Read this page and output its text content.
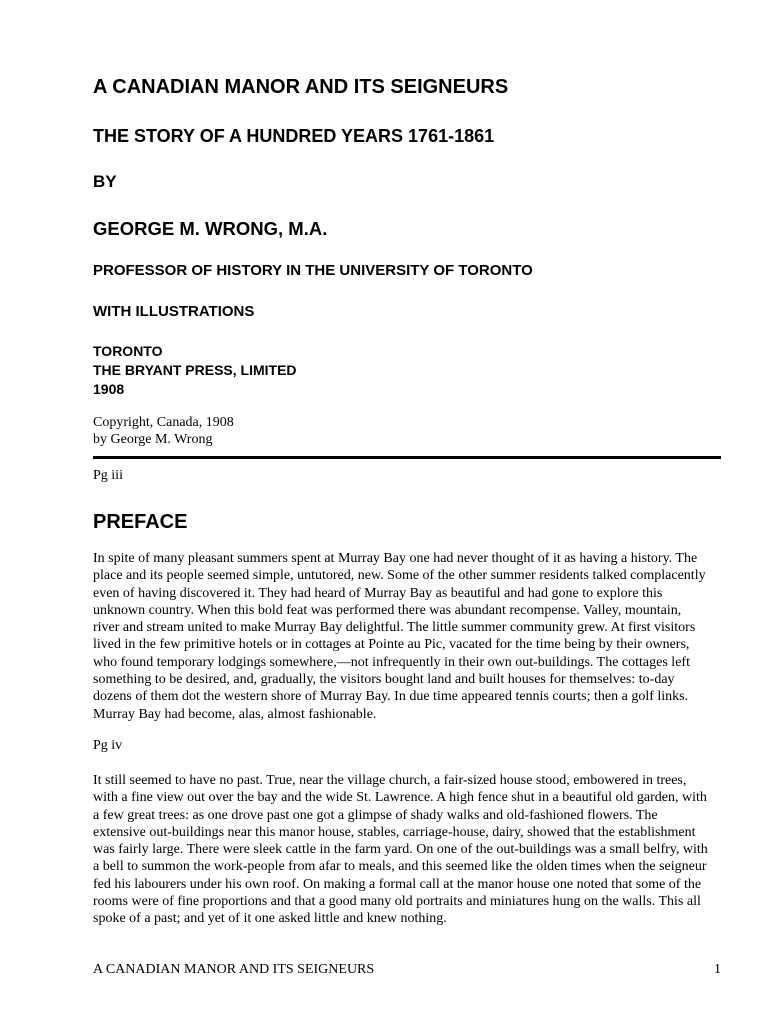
A CANADIAN MANOR AND ITS SEIGNEURS
THE STORY OF A HUNDRED YEARS 1761-1861
BY
GEORGE M. WRONG, M.A.
PROFESSOR OF HISTORY IN THE UNIVERSITY OF TORONTO
WITH ILLUSTRATIONS

TORONTO
THE BRYANT PRESS, LIMITED
1908

Copyright, Canada, 1908
by George M. Wrong

Pg iii

PREFACE

In spite of many pleasant summers spent at Murray Bay one had never thought of it as having a history. The
place and its people seemed simple, untutored, new. Some of the other summer residents talked complacently
even of having discovered it. They had heard of Murray Bay as beautiful and had gone to explore this
unknown country. When this bold feat was performed there was abundant recompense. Valley, mountain,
river and stream united to make Murray Bay delightful. The little summer community grew. At first visitors
lived in the few primitive hotels or in cottages at Pointe au Pic, vacated for the time being by their owners,
who found temporary lodgings somewhere,—not infrequently in their own out-buildings. The cottages left
something to be desired, and, gradually, the visitors bought land and built houses for themselves: to-day
dozens of them dot the western shore of Murray Bay. In due time appeared tennis courts; then a golf links.
Murray Bay had become, alas, almost fashionable.

Pg iv

It still seemed to have no past. True, near the village church, a fair-sized house stood, embowered in trees,
with a fine view out over the bay and the wide St. Lawrence. A high fence shut in a beautiful old garden, with
a few great trees: as one drove past one got a glimpse of shady walks and old-fashioned flowers. The
extensive out-buildings near this manor house, stables, carriage-house, dairy, showed that the establishment
was fairly large. There were sleek cattle in the farm yard. On one of the out-buildings was a small belfry, with
a bell to summon the work-people from afar to meals, and this seemed like the olden times when the seigneur
fed his labourers under his own roof. On making a formal call at the manor house one noted that some of the
rooms were of fine proportions and that a good many old portraits and miniatures hung on the walls. This all
spoke of a past; and yet of it one asked little and knew nothing.

A CANADIAN MANOR AND ITS SEIGNEURS	1
